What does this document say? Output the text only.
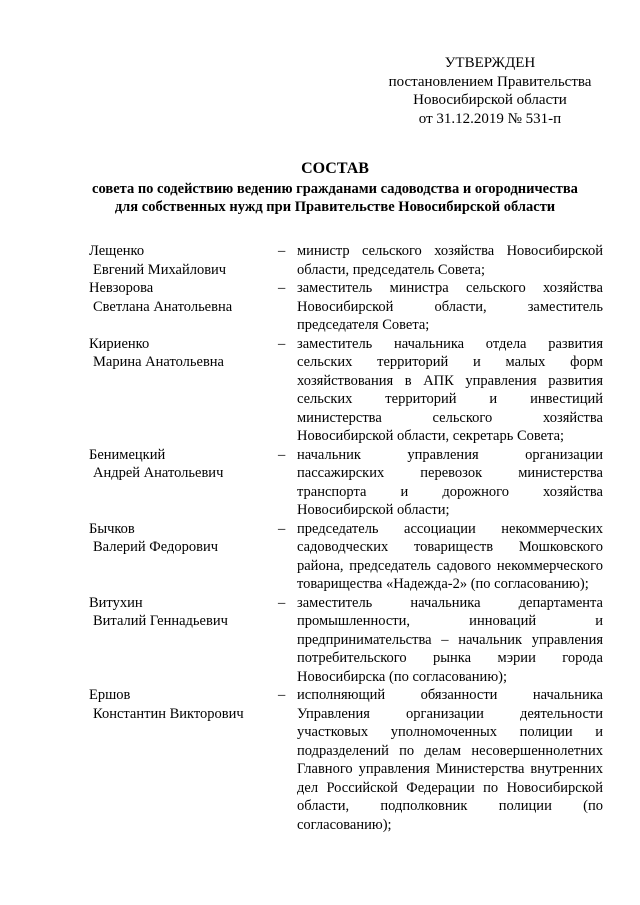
УТВЕРЖДЕН
постановлением Правительства
Новосибирской области
от 31.12.2019 № 531-п
СОСТАВ
совета по содействию ведению гражданами садоводства и огородничества
для собственных нужд при Правительстве Новосибирской области
Лещенко
Евгений Михайлович
– министр сельского хозяйства Новосибирской области, председатель Совета;
Невзорова
Светлана Анатольевна
– заместитель министра сельского хозяйства Новосибирской области, заместитель председателя Совета;
Кириенко
Марина Анатольевна
– заместитель начальника отдела развития сельских территорий и малых форм хозяйствования в АПК управления развития сельских территорий и инвестиций министерства сельского хозяйства Новосибирской области, секретарь Совета;
Бенимецкий
Андрей Анатольевич
– начальник управления организации пассажирских перевозок министерства транспорта и дорожного хозяйства Новосибирской области;
Бычков
Валерий Федорович
– председатель ассоциации некоммерческих садоводческих товариществ Мошковского района, председатель садового некоммерческого товарищества «Надежда-2» (по согласованию);
Витухин
Виталий Геннадьевич
– заместитель начальника департамента промышленности, инноваций и предпринимательства – начальник управления потребительского рынка мэрии города Новосибирска (по согласованию);
Ершов
Константин Викторович
– исполняющий обязанности начальника Управления организации деятельности участковых уполномоченных полиции и подразделений по делам несовершеннолетних Главного управления Министерства внутренних дел Российской Федерации по Новосибирской области, подполковник полиции (по согласованию);
